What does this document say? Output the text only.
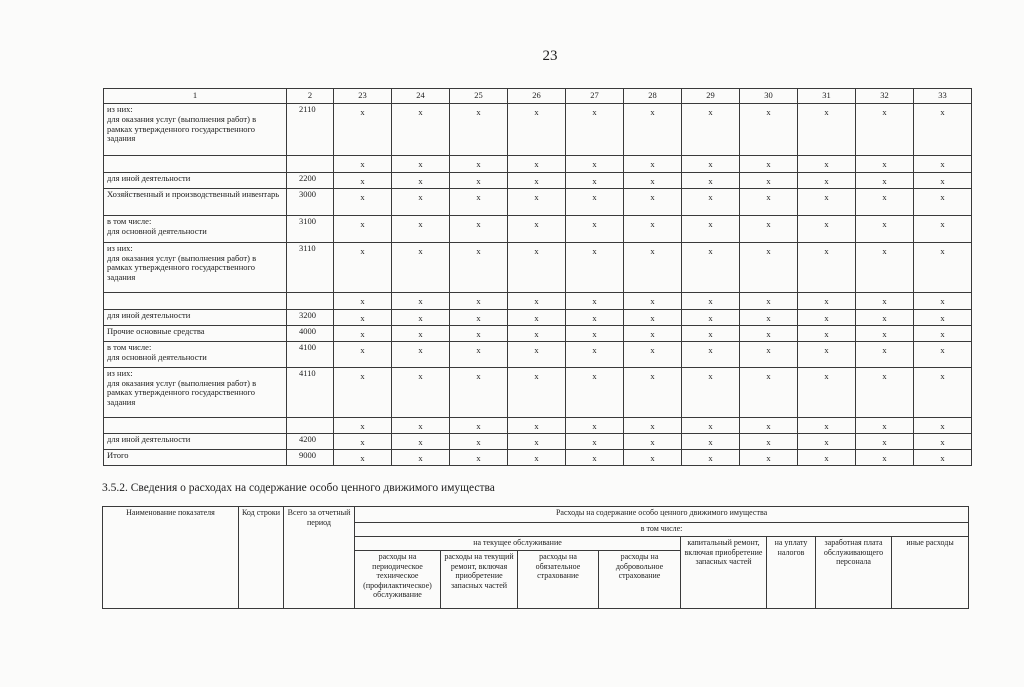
23
1	2	23	24	25	26	27	28	29	30	31	32	33
из них:
для оказания услуг (выполнения работ) в рамках утвержденного государственного задания	2110	x	x	x	x	x	x	x	x	x	x	x
		x	x	x	x	x	x	x	x	x	x	x
для иной деятельности	2200	x	x	x	x	x	x	x	x	x	x	x
Хозяйственный и производственный инвентарь	3000	x	x	x	x	x	x	x	x	x	x	x
в том числе:
для основной деятельности	3100	x	x	x	x	x	x	x	x	x	x	x
из них:
для оказания услуг (выполнения работ) в рамках утвержденного государственного задания	3110	x	x	x	x	x	x	x	x	x	x	x
		x	x	x	x	x	x	x	x	x	x	x
для иной деятельности	3200	x	x	x	x	x	x	x	x	x	x	x
Прочие основные средства	4000	x	x	x	x	x	x	x	x	x	x	x
в том числе:
для основной деятельности	4100	x	x	x	x	x	x	x	x	x	x	x
из них:
для оказания услуг (выполнения работ) в рамках утвержденного государственного задания	4110	x	x	x	x	x	x	x	x	x	x	x
		x	x	x	x	x	x	x	x	x	x	x
для иной деятельности	4200	x	x	x	x	x	x	x	x	x	x	x
Итого	9000	x	x	x	x	x	x	x	x	x	x	x
3.5.2. Сведения о расходах на содержание особо ценного движимого имущества
Наименование показателя	Код строки	Всего за отчетный период	Расходы на содержание особо ценного движимого имущества							
			в том числе:							
			на текущее обслуживание				капитальный ремонт, включая приобретение запасных частей	на уплату налогов	заработная плата обслуживающего персонала	иные расходы
			расходы на периодическое техническое (профилактическое) обслуживание	расходы на текущий ремонт, включая приобретение запасных частей	расходы на обязательное страхование	расходы на добровольное страхование				
